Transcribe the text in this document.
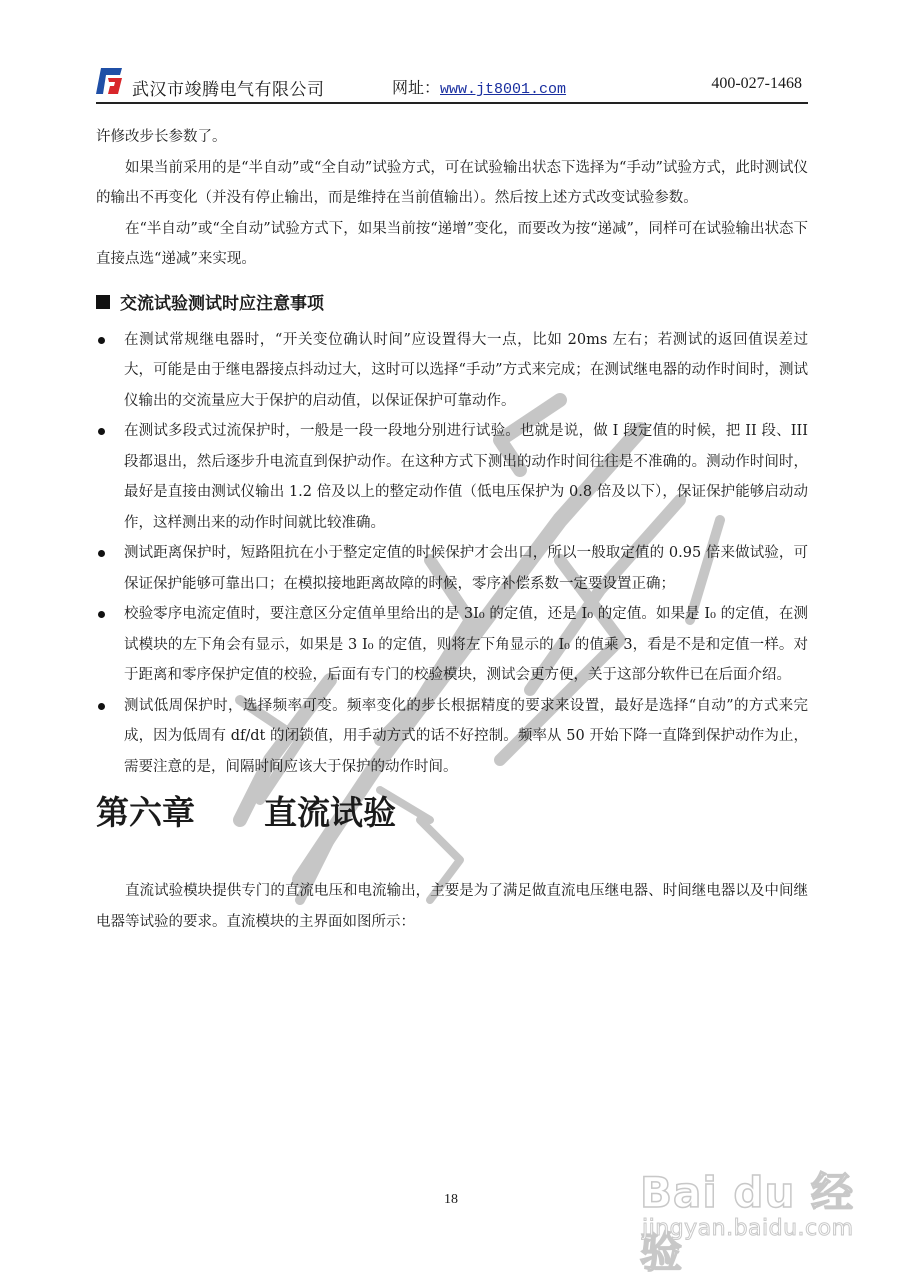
武汉市竣腾电气有限公司	网址：www.jt8001.com	400-027-1468

许修改步长参数了。

如果当前采用的是“半自动”或“全自动”试验方式，可在试验输出状态下选择为“手动”试验方式，此时测试仪的输出不再变化（并没有停止输出，而是维持在当前值输出）。然后按上述方式改变试验参数。

在“半自动”或“全自动”试验方式下，如果当前按“递增”变化，而要改为按“递减”，同样可在试验输出状态下直接点选“递减”来实现。

交流试验测试时应注意事项
在测试常规继电器时，“开关变位确认时间”应设置得大一点，比如 20ms 左右；若测试的返回值误差过大，可能是由于继电器接点抖动过大，这时可以选择“手动”方式来完成；在测试继电器的动作时间时，测试仪输出的交流量应大于保护的启动值，以保证保护可靠动作。
在测试多段式过流保护时，一般是一段一段地分别进行试验。也就是说，做 I 段定值的时候，把 II 段、III段都退出，然后逐步升电流直到保护动作。在这种方式下测出的动作时间往往是不准确的。测动作时间时，最好是直接由测试仪输出 1.2 倍及以上的整定动作值（低电压保护为 0.8 倍及以下），保证保护能够启动动作，这样测出来的动作时间就比较准确。
测试距离保护时，短路阻抗在小于整定定值的时候保护才会出口，所以一般取定值的 0.95 倍来做试验，可保证保护能够可靠出口；在模拟接地距离故障的时候，零序补偿系数一定要设置正确；
校验零序电流定值时，要注意区分定值单里给出的是 3I₀ 的定值，还是 I₀ 的定值。如果是 I₀ 的定值，在测试模块的左下角会有显示，如果是 3 I₀ 的定值，则将左下角显示的 I₀ 的值乘 3，看是不是和定值一样。对于距离和零序保护定值的校验，后面有专门的校验模块，测试会更方便，关于这部分软件已在后面介绍。
测试低周保护时，选择频率可变。频率变化的步长根据精度的要求来设置，最好是选择“自动”的方式来完成，因为低周有 df/dt 的闭锁值，用手动方式的话不好控制。频率从 50 开始下降一直降到保护动作为止，需要注意的是，间隔时间应该大于保护的动作时间。
第六章	直流试验

直流试验模块提供专门的直流电压和电流输出，主要是为了满足做直流电压继电器、时间继电器以及中间继电器等试验的要求。直流模块的主界面如图所示：

18	Bai du 经验
jingyan.baidu.com
